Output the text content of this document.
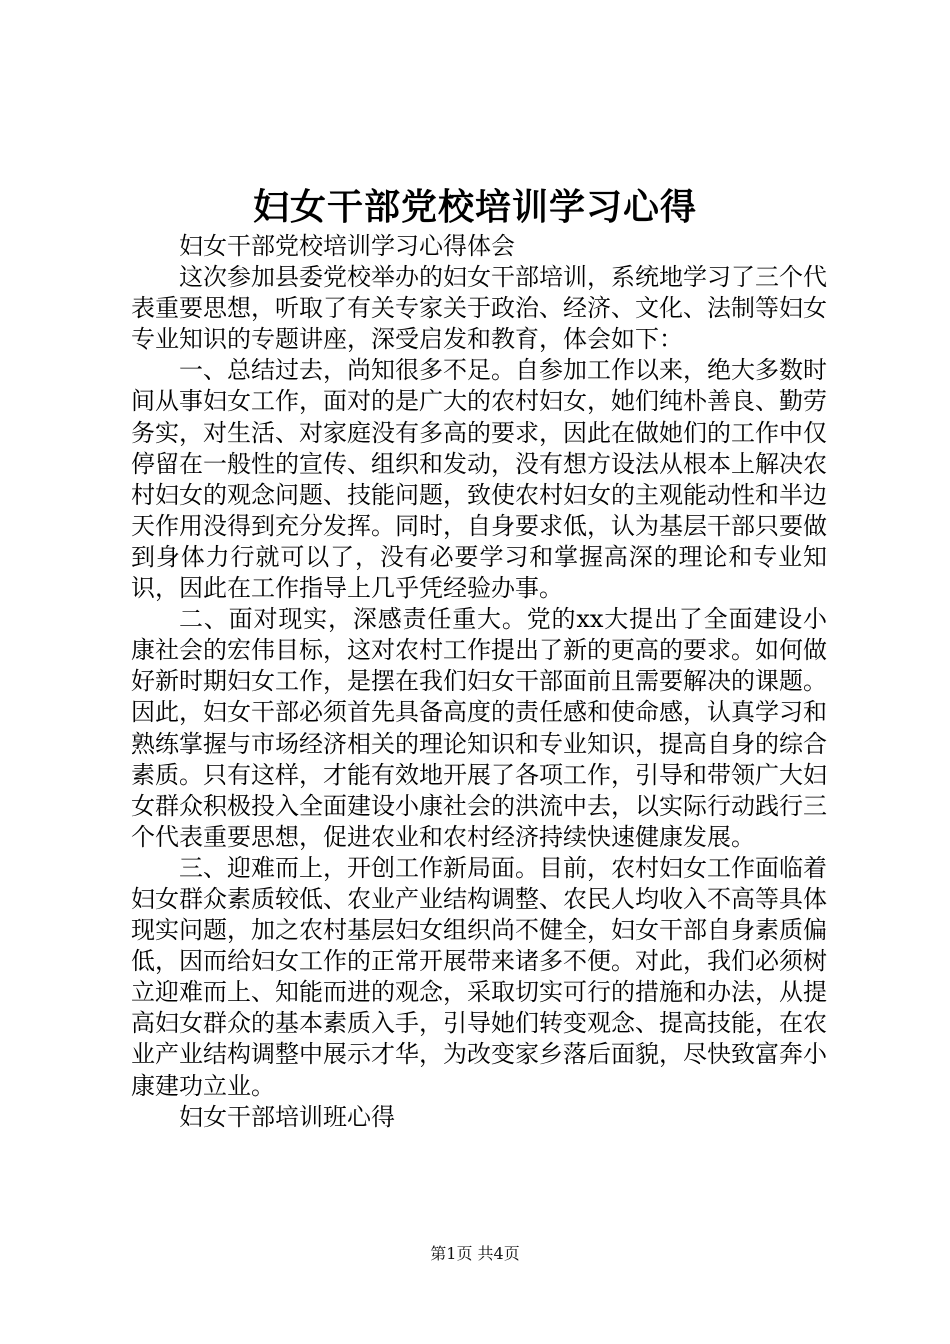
妇女干部党校培训学习心得

妇女干部党校培训学习心得体会

这次参加县委党校举办的妇女干部培训，系统地学习了三个代表重要思想，听取了有关专家关于政治、经济、文化、法制等妇女专业知识的专题讲座，深受启发和教育，体会如下：

一、总结过去，尚知很多不足。自参加工作以来，绝大多数时间从事妇女工作，面对的是广大的农村妇女，她们纯朴善良、勤劳务实，对生活、对家庭没有多高的要求，因此在做她们的工作中仅停留在一般性的宣传、组织和发动，没有想方设法从根本上解决农村妇女的观念问题、技能问题，致使农村妇女的主观能动性和半边天作用没得到充分发挥。同时，自身要求低，认为基层干部只要做到身体力行就可以了，没有必要学习和掌握高深的理论和专业知识，因此在工作指导上几乎凭经验办事。

二、面对现实，深感责任重大。党的xx大提出了全面建设小康社会的宏伟目标，这对农村工作提出了新的更高的要求。如何做好新时期妇女工作，是摆在我们妇女干部面前且需要解决的课题。因此，妇女干部必须首先具备高度的责任感和使命感，认真学习和熟练掌握与市场经济相关的理论知识和专业知识，提高自身的综合素质。只有这样，才能有效地开展了各项工作，引导和带领广大妇女群众积极投入全面建设小康社会的洪流中去，以实际行动践行三个代表重要思想，促进农业和农村经济持续快速健康发展。

三、迎难而上，开创工作新局面。目前，农村妇女工作面临着妇女群众素质较低、农业产业结构调整、农民人均收入不高等具体现实问题，加之农村基层妇女组织尚不健全，妇女干部自身素质偏低，因而给妇女工作的正常开展带来诸多不便。对此，我们必须树立迎难而上、知能而进的观念，采取切实可行的措施和办法，从提高妇女群众的基本素质入手，引导她们转变观念、提高技能，在农业产业结构调整中展示才华，为改变家乡落后面貌，尽快致富奔小康建功立业。

妇女干部培训班心得

第1页 共4页
